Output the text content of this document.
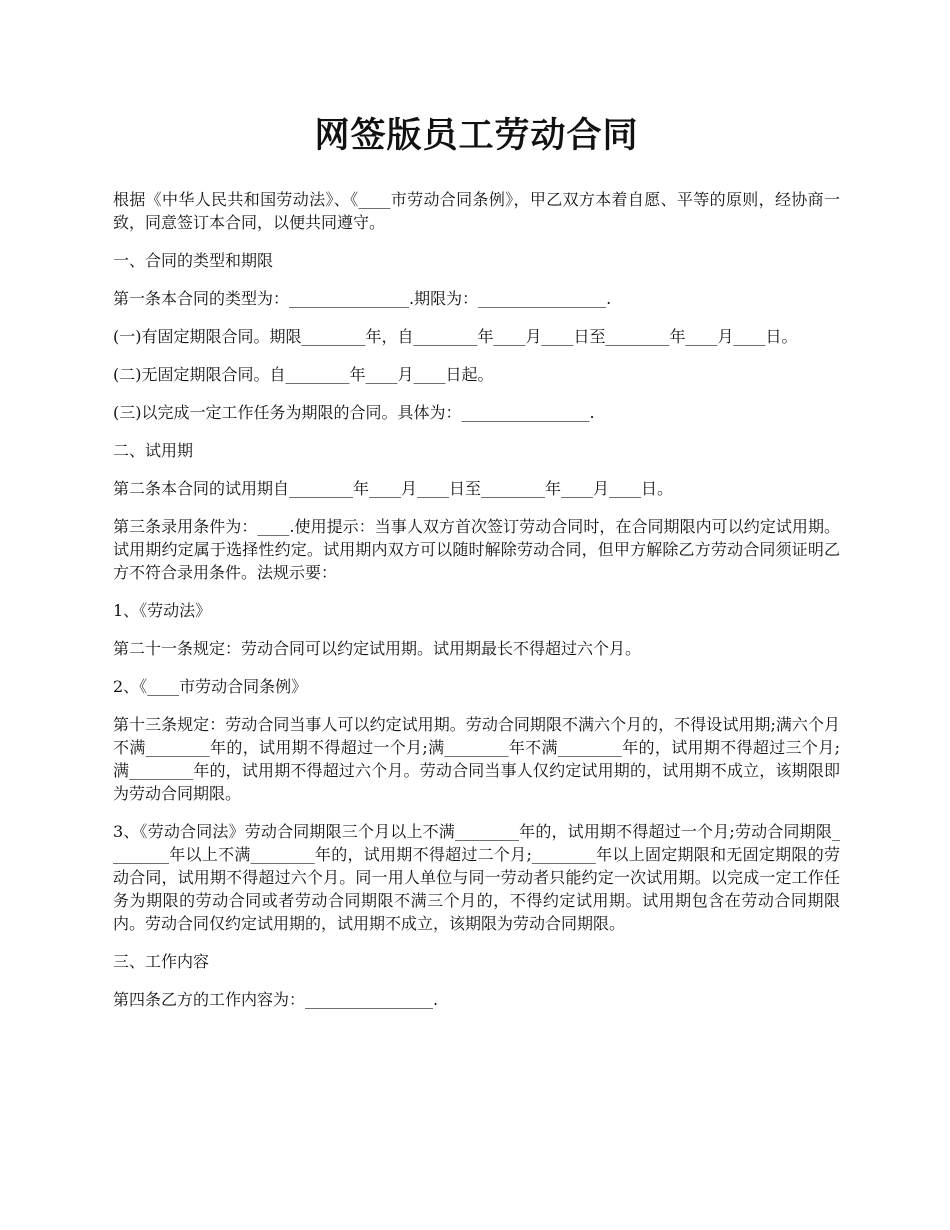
网签版员工劳动合同

根据《中华人民共和国劳动法》、《____市劳动合同条例》，甲乙双方本着自愿、平等的原则，经协商一致，同意签订本合同，以便共同遵守。

一、合同的类型和期限

第一条本合同的类型为：_______________.期限为：________________.

(一)有固定期限合同。期限________年，自________年____月____日至________年____月____日。

(二)无固定期限合同。自________年____月____日起。

(三)以完成一定工作任务为期限的合同。具体为：________________.

二、试用期

第二条本合同的试用期自________年____月____日至________年____月____日。

第三条录用条件为：____.使用提示：当事人双方首次签订劳动合同时，在合同期限内可以约定试用期。试用期约定属于选择性约定。试用期内双方可以随时解除劳动合同，但甲方解除乙方劳动合同须证明乙方不符合录用条件。法规示要：

1、《劳动法》

第二十一条规定：劳动合同可以约定试用期。试用期最长不得超过六个月。

2、《____市劳动合同条例》

第十三条规定：劳动合同当事人可以约定试用期。劳动合同期限不满六个月的，不得设试用期;满六个月不满________年的，试用期不得超过一个月;满________年不满________年的，试用期不得超过三个月;满________年的，试用期不得超过六个月。劳动合同当事人仅约定试用期的，试用期不成立，该期限即为劳动合同期限。

3、《劳动合同法》劳动合同期限三个月以上不满________年的，试用期不得超过一个月;劳动合同期限________年以上不满________年的，试用期不得超过二个月;________年以上固定期限和无固定期限的劳动合同，试用期不得超过六个月。同一用人单位与同一劳动者只能约定一次试用期。以完成一定工作任务为期限的劳动合同或者劳动合同期限不满三个月的，不得约定试用期。试用期包含在劳动合同期限内。劳动合同仅约定试用期的，试用期不成立，该期限为劳动合同期限。

三、工作内容

第四条乙方的工作内容为：________________.
